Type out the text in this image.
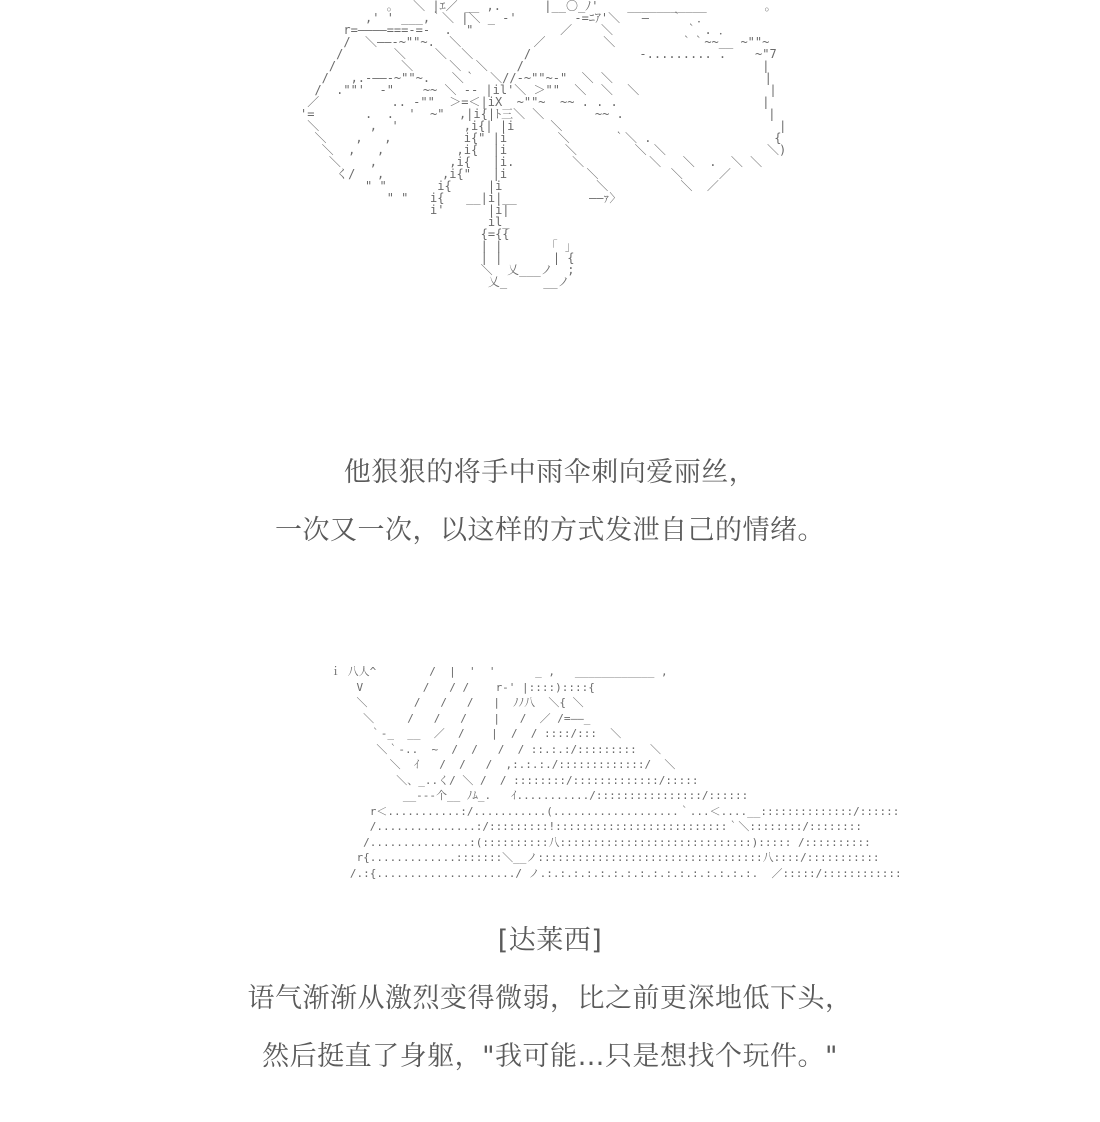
。  ＼ |ｴ／ __ ,.      |__〇_ﾉ'    ___________        。
,' ' ___,｀＼ |＼ _ -'        -=ﾆｱ'＼   —   ｀  ．
r=————===-=-  .  "            ／    ＼          ｀ . ．
/  ＼——-~""~.  ＼          ／        ＼         ｀｀~~__ ~""~
/       ＼    ＼  ＼       /               -......... .    ~"7
/         ＼     ＼  ＼    /                                 |
/   ,.-——-~""~.   ＼｀  ＼//-~""~-"  ＼ ＼                     |
/  .""'  -"    ~~ ＼ -- |il'＼ ＞""  ＼  ＼  ＼                  |
／          .. -""  ＞=＜|iX  ~""~  ~~ . . .                    |
'=       .  .  '  ~"  ,|i{|ﾄ三＼ ＼       ~~ .                    |
＼       ,  '         ,i{| |i     ＼                              |
＼    ,   ,          i{" |i       ＼      ｀＼ .                 {
＼  ,   ,          ,i{  |i        ＼        ＼ ＼              ＼)
＼    ,          ,i{   |i.        ＼         ＼   ＼  .  ＼ ＼
く/   ,        ,i{"   |i           ＼          ＼     ／
" "       i{     |i             ＼          ＼  ／
" "   i{   __|i|__          ——ｧ〉
i'      |i|
il_
{={{
| |      「 ｣
| |       | {
＼  乂___ノ  ;
乂_     __ノ
他狠狠的将手中雨伞刺向爱丽丝，
一次又一次，以这样的方式发泄自己的情绪。
ｉ 八人^        /  |  '  '      _ ,   ____________ ,
V         /   / /    r-' |::::)::::{
＼       /   /   /   |  ﾉﾉ八  ＼{ ＼
＼     /   /   /    |   /  ／ /=——_
｀-_  __  ／  /    |  /  / ::::/:::  ＼
＼｀-..  ~  /  /   /  / ::.:.:/:::::::::  ＼
＼  ｲ   /  /   /  ,:.:.:./:::::::::::::/  ＼
＼、_..く/ ＼ /  / ::::::::/:::::::::::::/:::::
__---个__ ﾉﾑ_.   ｲ.........../::::::::::::::::/::::::
r＜...........:/...........(...................｀...＜....__::::::::::::::/::::::
/...............:/:::::::::!::::::::::::::::::::::::::｀＼::::::::/::::::::
/...............:(::::::::::八:::::::::::::::::::::::::::::)::::: /::::::::::
r{.............:::::::＼__ノ::::::::::::::::::::::::::::::::::八::::/:::::::::::
/.:{...................../ ノ.:.:.:.:.:.:.:.:.:.:.:.:.:.:.:.:.  ／:::::/::::::::::::
[达莱西]
语气渐渐从激烈变得微弱，比之前更深地低下头，
然后挺直了身躯，"我可能…只是想找个玩件。"
